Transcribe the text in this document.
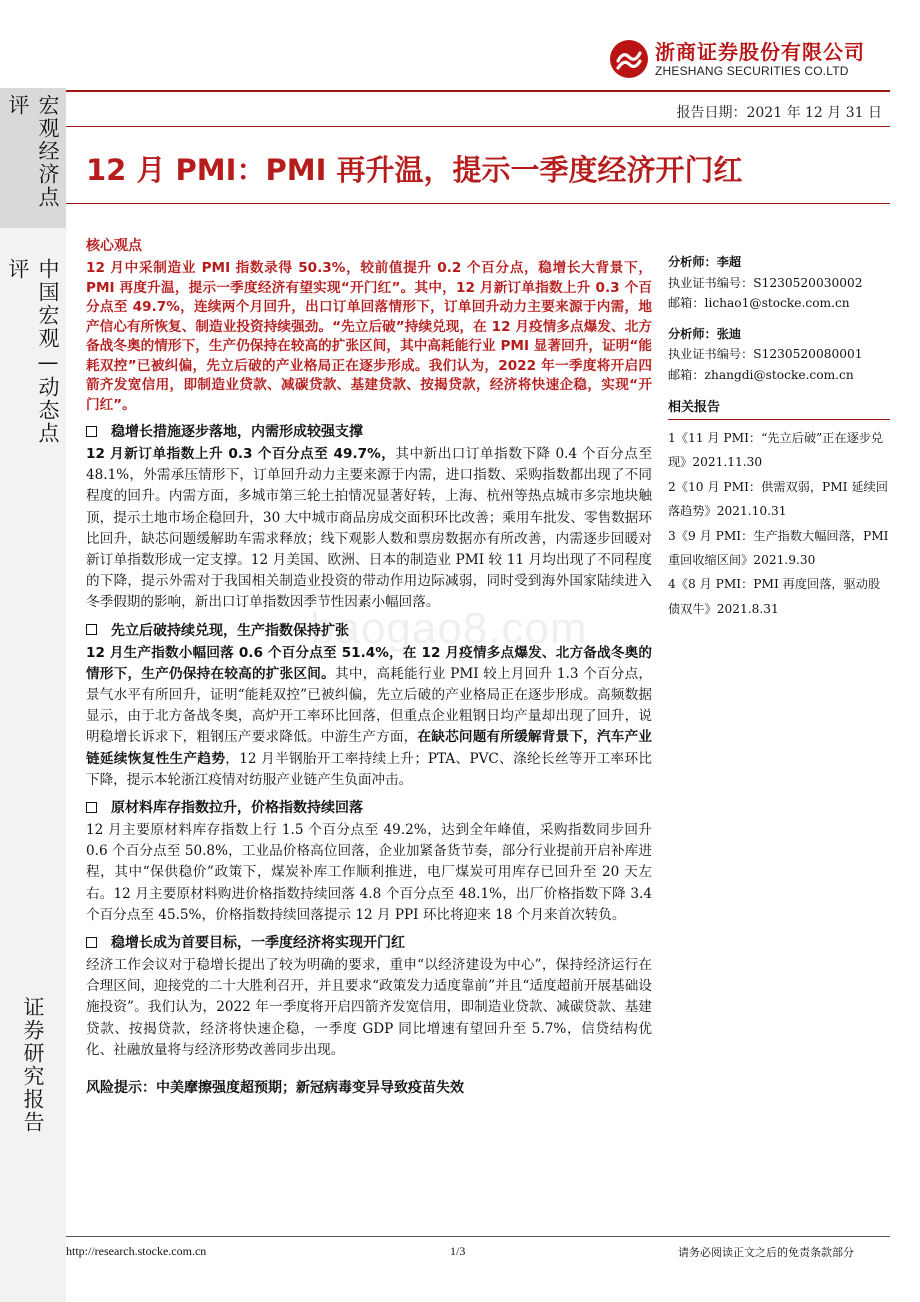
宏观经济点评
中国宏观—动态点评
证券研究报告
浙商证券股份有限公司
ZHESHANG SECURITIES CO.LTD
报告日期：2021 年 12 月 31 日
12 月 PMI：PMI 再升温，提示一季度经济开门红
核心观点
12 月中采制造业 PMI 指数录得 50.3%，较前值提升 0.2 个百分点，稳增长大背景下，PMI 再度升温，提示一季度经济有望实现“开门红”。其中，12 月新订单指数上升 0.3 个百分点至 49.7%，连续两个月回升，出口订单回落情形下，订单回升动力主要来源于内需，地产信心有所恢复、制造业投资持续强劲。“先立后破”持续兑现，在 12 月疫情多点爆发、北方备战冬奥的情形下，生产仍保持在较高的扩张区间，其中高耗能行业 PMI 显著回升，证明“能耗双控”已被纠偏，先立后破的产业格局正在逐步形成。我们认为，2022 年一季度将开启四箭齐发宽信用，即制造业贷款、减碳贷款、基建贷款、按揭贷款，经济将快速企稳，实现“开门红”。
稳增长措施逐步落地，内需形成较强支撑
12 月新订单指数上升 0.3 个百分点至 49.7%，其中新出口订单指数下降 0.4 个百分点至 48.1%，外需承压情形下，订单回升动力主要来源于内需，进口指数、采购指数都出现了不同程度的回升。内需方面，多城市第三轮土拍情况显著好转，上海、杭州等热点城市多宗地块触顶，提示土地市场企稳回升，30 大中城市商品房成交面积环比改善；乘用车批发、零售数据环比回升，缺芯问题缓解助车需求释放；线下观影人数和票房数据亦有所改善，内需逐步回暖对新订单指数形成一定支撑。12 月美国、欧洲、日本的制造业 PMI 较 11 月均出现了不同程度的下降，提示外需对于我国相关制造业投资的带动作用边际减弱，同时受到海外国家陆续进入冬季假期的影响，新出口订单指数因季节性因素小幅回落。
先立后破持续兑现，生产指数保持扩张
12 月生产指数小幅回落 0.6 个百分点至 51.4%，在 12 月疫情多点爆发、北方备战冬奥的情形下，生产仍保持在较高的扩张区间。其中，高耗能行业 PMI 较上月回升 1.3 个百分点，景气水平有所回升，证明“能耗双控”已被纠偏，先立后破的产业格局正在逐步形成。高频数据显示，由于北方备战冬奥，高炉开工率环比回落，但重点企业粗钢日均产量却出现了回升，说明稳增长诉求下，粗钢压产要求降低。中游生产方面，在缺芯问题有所缓解背景下，汽车产业链延续恢复性生产趋势，12 月半钢胎开工率持续上升；PTA、PVC、涤纶长丝等开工率环比下降，提示本轮浙江疫情对纺服产业链产生负面冲击。
原材料库存指数拉升，价格指数持续回落
12 月主要原材料库存指数上行 1.5 个百分点至 49.2%，达到全年峰值，采购指数同步回升 0.6 个百分点至 50.8%，工业品价格高位回落，企业加紧备货节奏，部分行业提前开启补库进程，其中“保供稳价”政策下，煤炭补库工作顺利推进，电厂煤炭可用库存已回升至 20 天左右。12 月主要原材料购进价格指数持续回落 4.8 个百分点至 48.1%，出厂价格指数下降 3.4 个百分点至 45.5%，价格指数持续回落提示 12 月 PPI 环比将迎来 18 个月来首次转负。
稳增长成为首要目标，一季度经济将实现开门红
经济工作会议对于稳增长提出了较为明确的要求，重申“以经济建设为中心”，保持经济运行在合理区间，迎接党的二十大胜利召开，并且要求“政策发力适度靠前”并且“适度超前开展基础设施投资”。我们认为，2022 年一季度将开启四箭齐发宽信用，即制造业贷款、减碳贷款、基建贷款、按揭贷款，经济将快速企稳，一季度 GDP 同比增速有望回升至 5.7%，信贷结构优化、社融放量将与经济形势改善同步出现。
风险提示：中美摩擦强度超预期；新冠病毒变异导致疫苗失效
分析师：李超
执业证书编号：S1230520030002
邮箱：lichao1@stocke.com.cn
分析师：张迪
执业证书编号：S1230520080001
邮箱：zhangdi@stocke.com.cn
相关报告
1《11 月 PMI：“先立后破”正在逐步兑现》2021.11.30
2《10 月 PMI：供需双弱，PMI 延续回落趋势》2021.10.31
3《9 月 PMI：生产指数大幅回落，PMI 重回收缩区间》2021.9.30
4《8 月 PMI：PMI 再度回落，驱动股债双牛》2021.8.31
baogao8.com
http://research.stocke.com.cn	1/3	请务必阅读正文之后的免责条款部分
